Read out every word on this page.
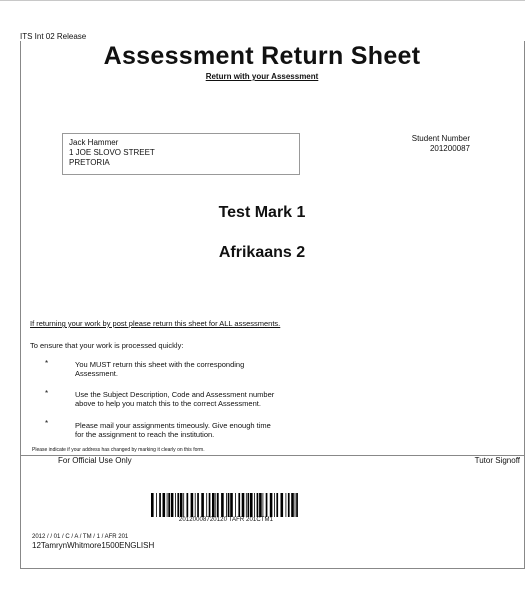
ITS Int 02 Release
Assessment Return Sheet
Return with your Assessment
Jack Hammer
1 JOE SLOVO STREET
PRETORIA
Student Number
201200087
Test Mark 1
Afrikaans 2
If returning your work by post please return this sheet for ALL assessments.
To ensure that your work is processed quickly:
*	You MUST return this sheet with the corresponding
Assessment.
*	Use the Subject Description, Code and Assessment number
above to help you match this to the correct Assessment.
*	Please mail your assignments timeously. Give enough time
for the assignment to reach the institution.
Please indicate if your address has changed by marking it clearly on this form.
For Official Use Only	Tutor Signoff
20120008720120 TAFR 201CTM1
2012 / / 01 / C / A / TM / 1 / AFR 201
12TamrynWhitmore1500ENGLISH
